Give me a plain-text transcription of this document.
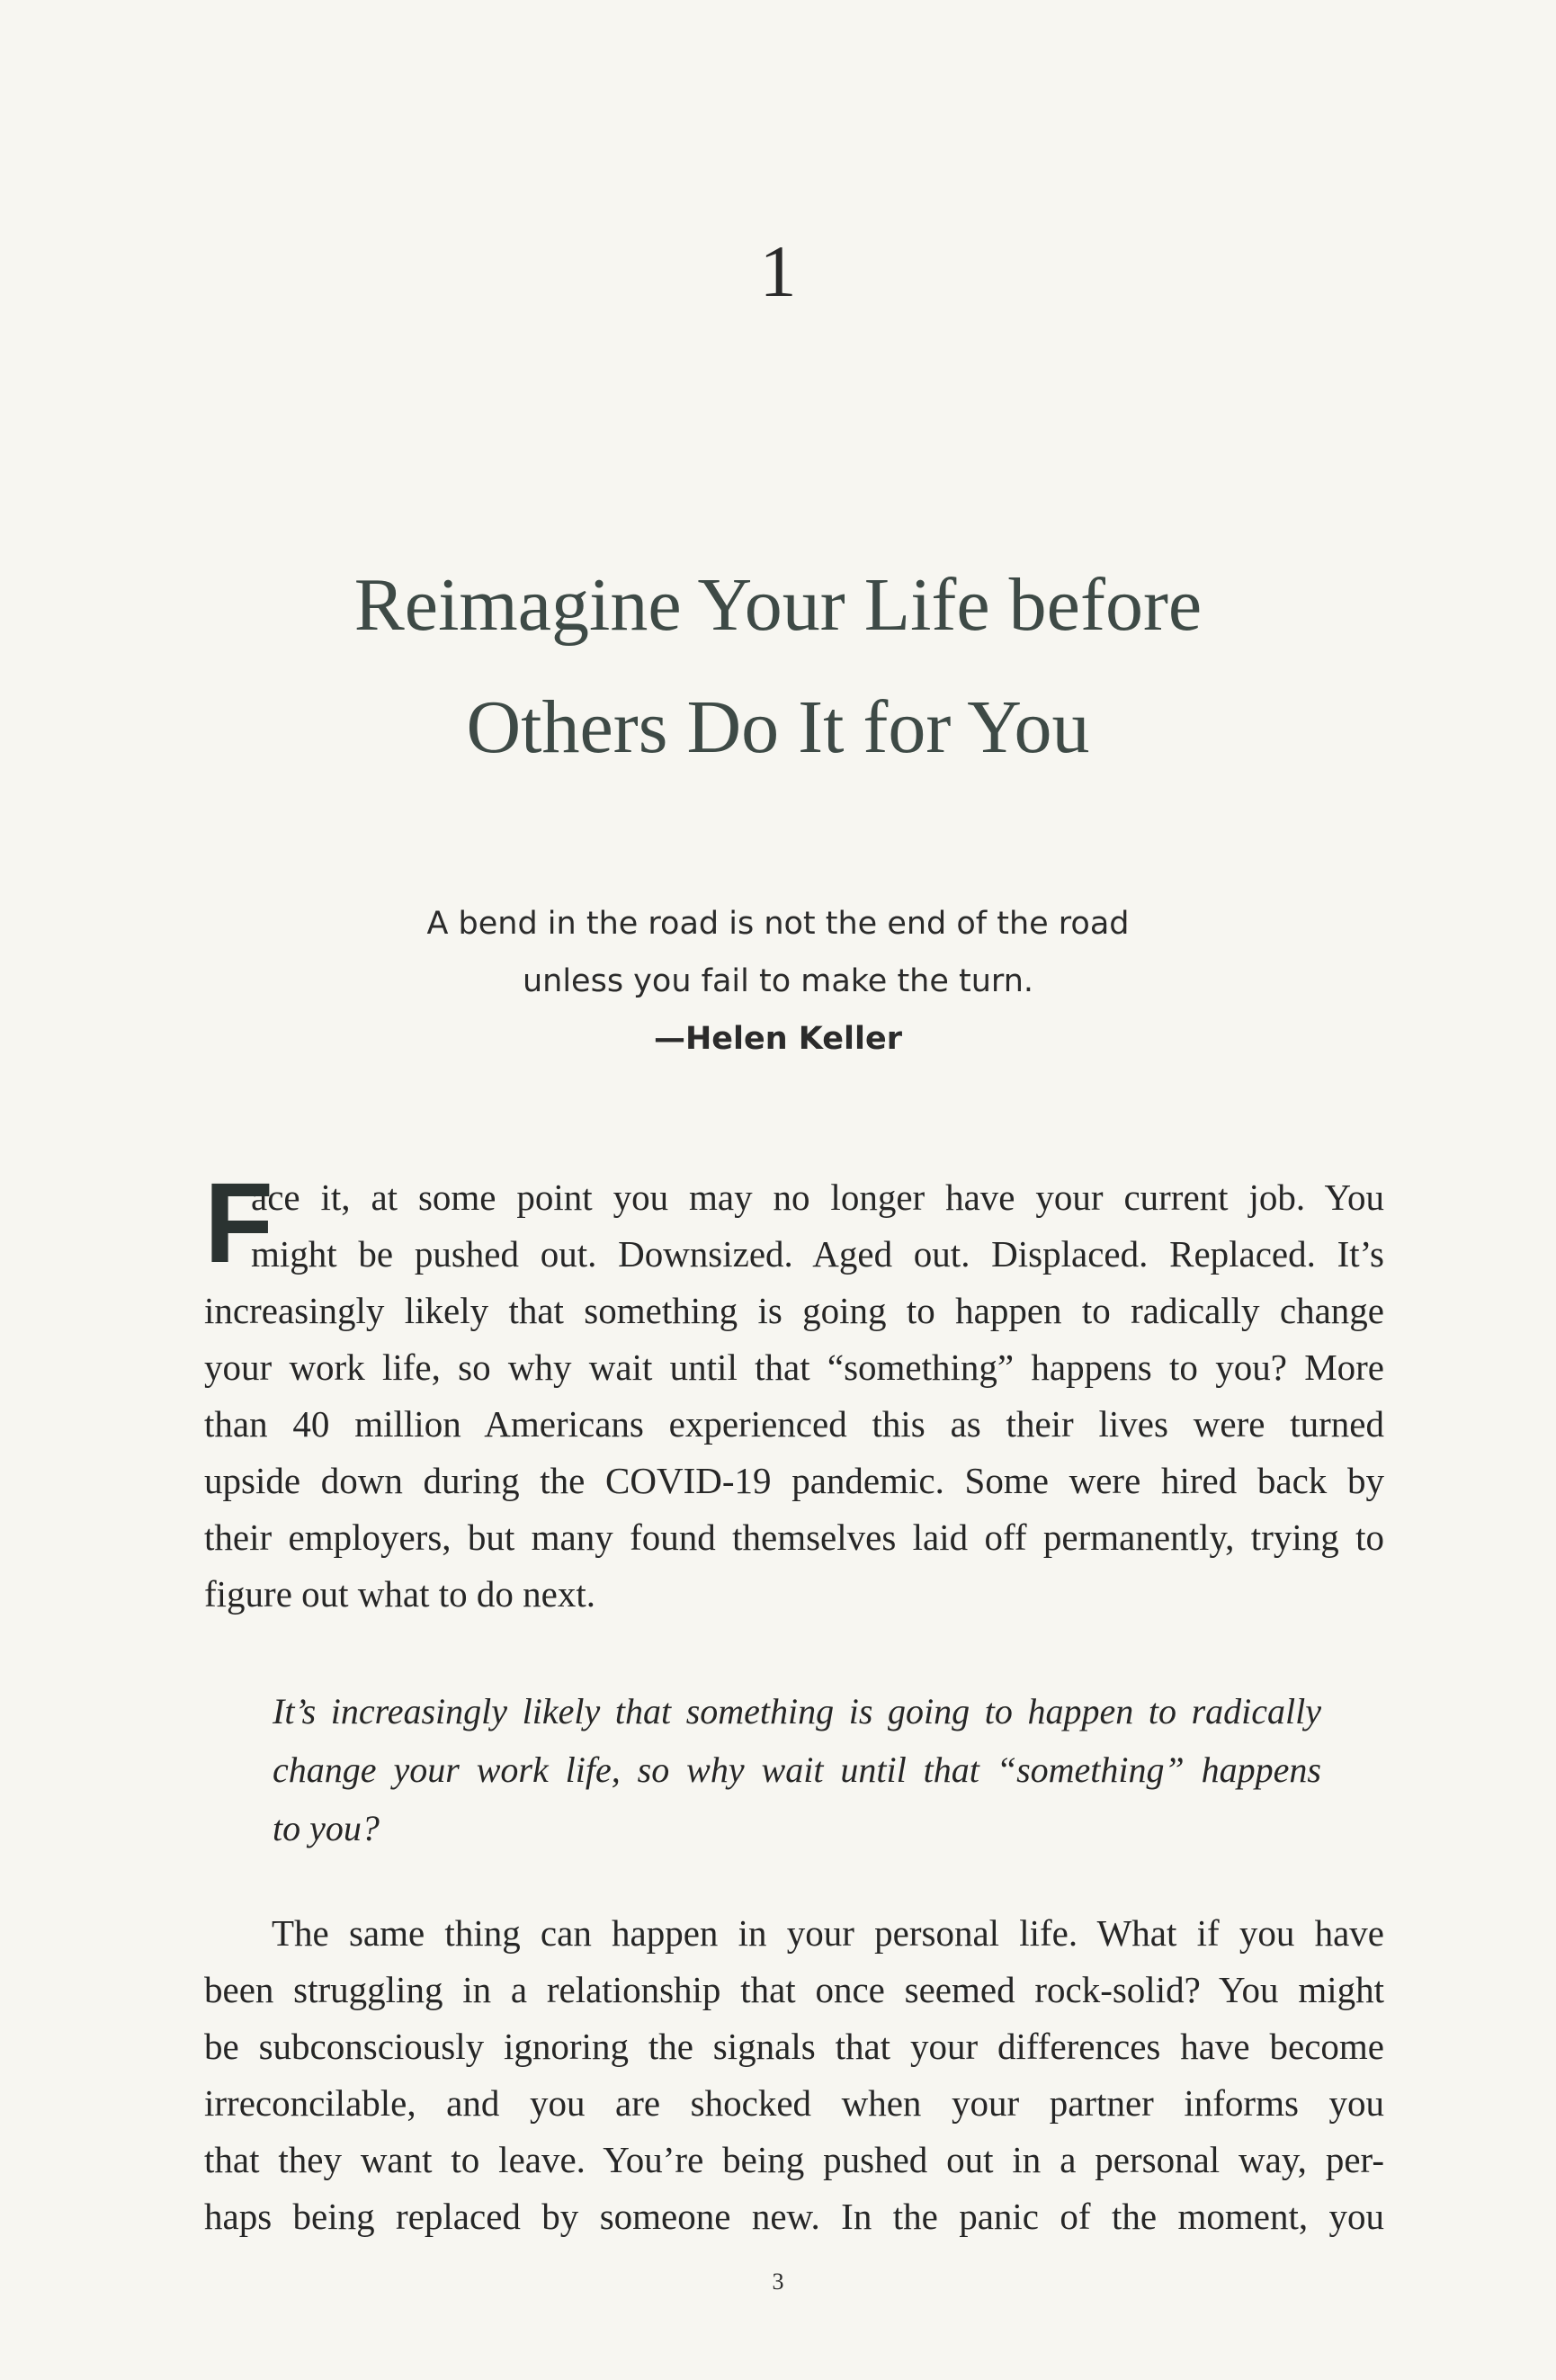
1
Reimagine Your Life before
Others Do It for You
A bend in the road is not the end of the road
unless you fail to make the turn.
—Helen Keller
F
ace it, at some point you may no longer have your current job. You
might be pushed out. Downsized. Aged out. Displaced. Replaced. It’s
increasingly likely that something is going to happen to radically change
your work life, so why wait until that “something” happens to you? More
than 40 million Americans experienced this as their lives were turned
upside down during the COVID-19 pandemic. Some were hired back by
their employers, but many found themselves laid off permanently, trying to
figure out what to do next.
It’s increasingly likely that something is going to happen to radically
change your work life, so why wait until that “something” happens
to you?
The same thing can happen in your personal life. What if you have
been struggling in a relationship that once seemed rock-solid? You might
be subconsciously ignoring the signals that your differences have become
irreconcilable, and you are shocked when your partner informs you
that they want to leave. You’re being pushed out in a personal way, per-
haps being replaced by someone new. In the panic of the moment, you
3
